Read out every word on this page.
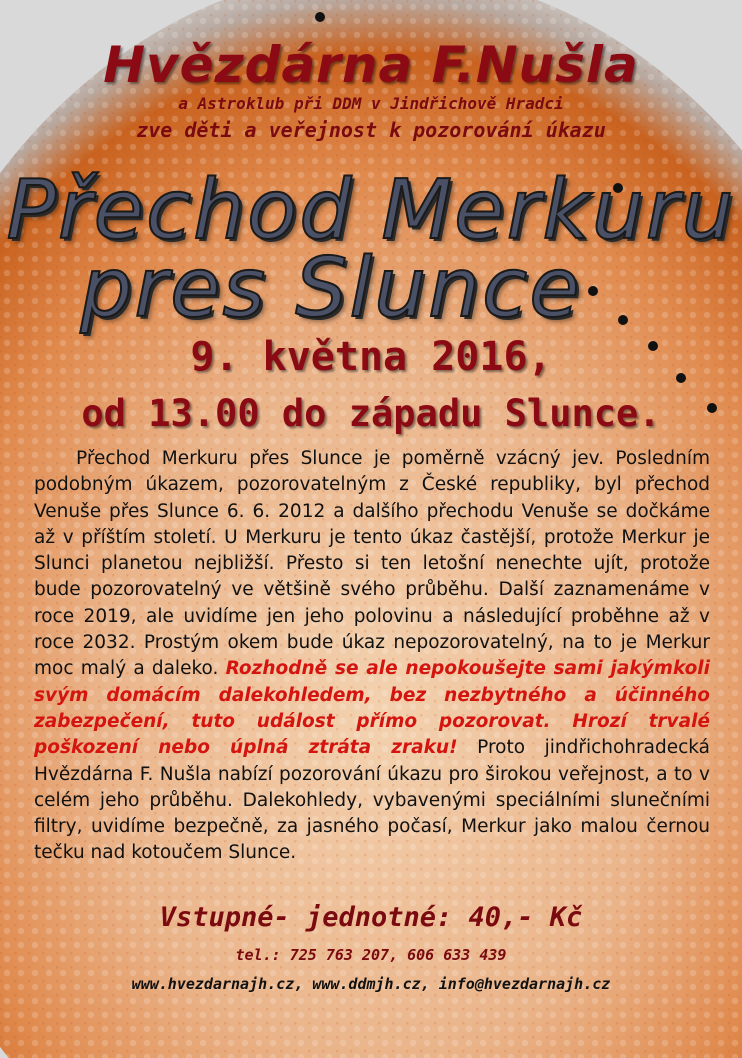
Hvězdárna F.Nušla
a Astroklub při DDM v Jindřichově Hradci
zve děti a veřejnost k pozorování úkazu
Přechod Merkuru
pres Slunce
9. května 2016,
od 13.00 do západu Slunce.
Přechod Merkuru přes Slunce je poměrně vzácný jev. Posledním podobným úkazem, pozorovatelným z České republiky, byl přechod Venuše přes Slunce 6. 6. 2012 a dalšího přechodu Venuše se dočkáme až v příštím století. U Merkuru je tento úkaz častější, protože Merkur je Slunci planetou nejbližší. Přesto si ten letošní nenechte ujít, protože bude pozorovatelný ve většině svého průběhu. Další zaznamenáme v roce 2019, ale uvidíme jen jeho polovinu a následující proběhne až v roce 2032. Prostým okem bude úkaz nepozorovatelný, na to je Merkur moc malý a daleko. Rozhodně se ale nepokoušejte sami jakýmkoli svým domácím dalekohledem, bez nezbytného a účinného zabezpečení, tuto událost přímo pozorovat. Hrozí trvalé poškození nebo úplná ztráta zraku! Proto jindřichohradecká Hvězdárna F. Nušla nabízí pozorování úkazu pro širokou veřejnost, a to v celém jeho průběhu. Dalekohledy, vybavenými speciálními slunečními filtry, uvidíme bezpečně, za jasného počasí, Merkur jako malou černou tečku nad kotoučem Slunce.
Vstupné- jednotné: 40,- Kč
tel.: 725 763 207, 606 633 439
www.hvezdarnajh.cz, www.ddmjh.cz, info@hvezdarnajh.cz
